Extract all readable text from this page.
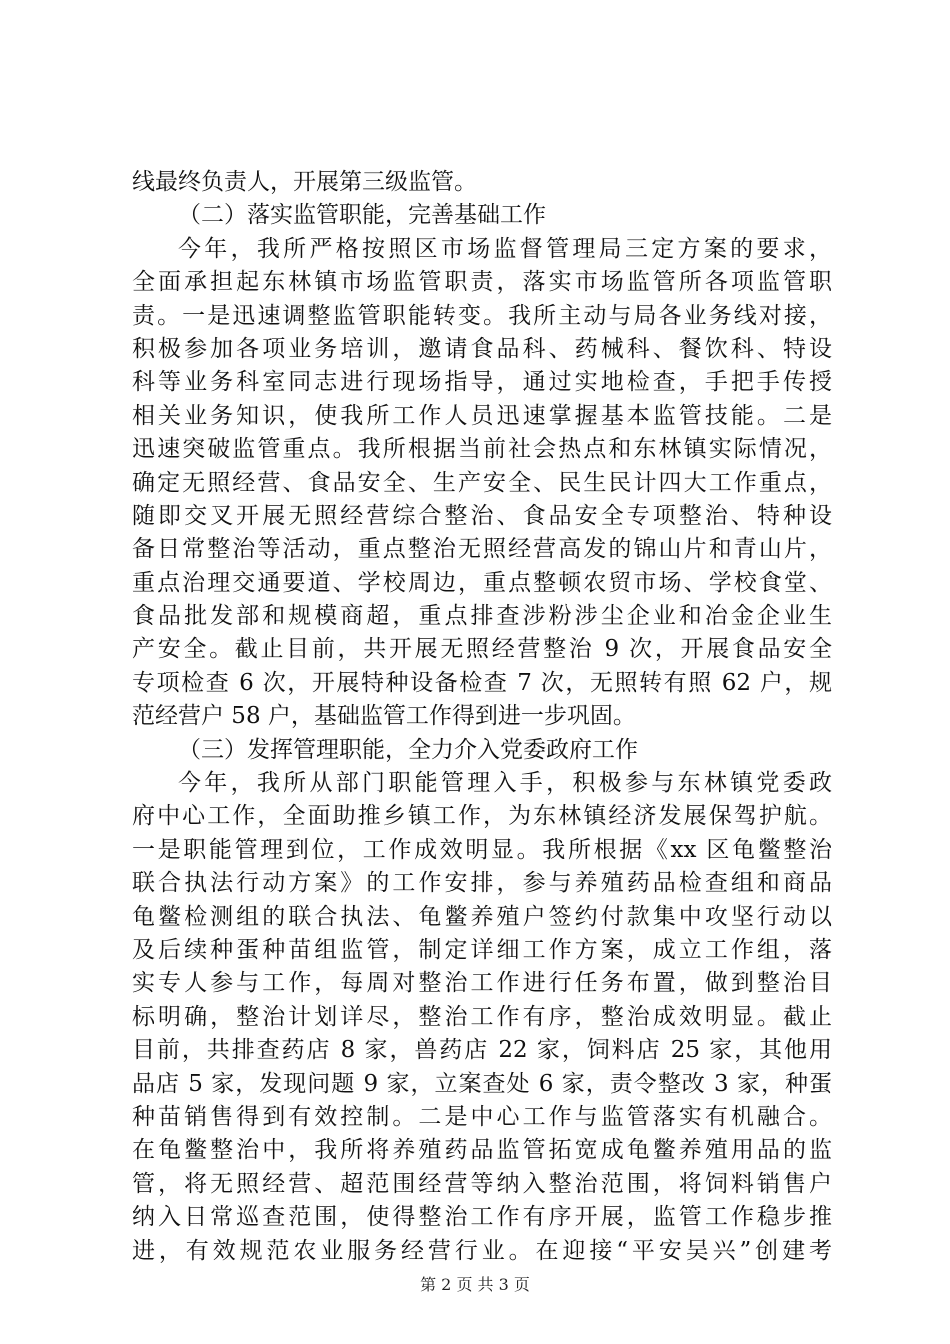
线最终负责人，开展第三级监管。
（二）落实监管职能，完善基础工作
今年，我所严格按照区市场监督管理局三定方案的要求，
全面承担起东林镇市场监管职责，落实市场监管所各项监管职
责。一是迅速调整监管职能转变。我所主动与局各业务线对接，
积极参加各项业务培训，邀请食品科、药械科、餐饮科、特设
科等业务科室同志进行现场指导，通过实地检查，手把手传授
相关业务知识，使我所工作人员迅速掌握基本监管技能。二是
迅速突破监管重点。我所根据当前社会热点和东林镇实际情况，
确定无照经营、食品安全、生产安全、民生民计四大工作重点，
随即交叉开展无照经营综合整治、食品安全专项整治、特种设
备日常整治等活动，重点整治无照经营高发的锦山片和青山片，
重点治理交通要道、学校周边，重点整顿农贸市场、学校食堂、
食品批发部和规模商超，重点排查涉粉涉尘企业和冶金企业生
产安全。截止目前，共开展无照经营整治 9 次，开展食品安全
专项检查 6 次，开展特种设备检查 7 次，无照转有照 62 户，规
范经营户 58 户，基础监管工作得到进一步巩固。
（三）发挥管理职能，全力介入党委政府工作
今年，我所从部门职能管理入手，积极参与东林镇党委政
府中心工作，全面助推乡镇工作，为东林镇经济发展保驾护航。
一是职能管理到位，工作成效明显。我所根据《xx 区龟鳖整治
联合执法行动方案》的工作安排，参与养殖药品检查组和商品
龟鳖检测组的联合执法、龟鳖养殖户签约付款集中攻坚行动以
及后续种蛋种苗组监管，制定详细工作方案，成立工作组，落
实专人参与工作，每周对整治工作进行任务布置，做到整治目
标明确，整治计划详尽，整治工作有序，整治成效明显。截止
目前，共排查药店 8 家，兽药店 22 家，饲料店 25 家，其他用
品店 5 家，发现问题 9 家，立案查处 6 家，责令整改 3 家，种蛋
种苗销售得到有效控制。二是中心工作与监管落实有机融合。
在龟鳖整治中，我所将养殖药品监管拓宽成龟鳖养殖用品的监
管，将无照经营、超范围经营等纳入整治范围，将饲料销售户
纳入日常巡查范围，使得整治工作有序开展，监管工作稳步推
进，有效规范农业服务经营行业。在迎接“平安吴兴”创建考
第 2 页 共 3 页
